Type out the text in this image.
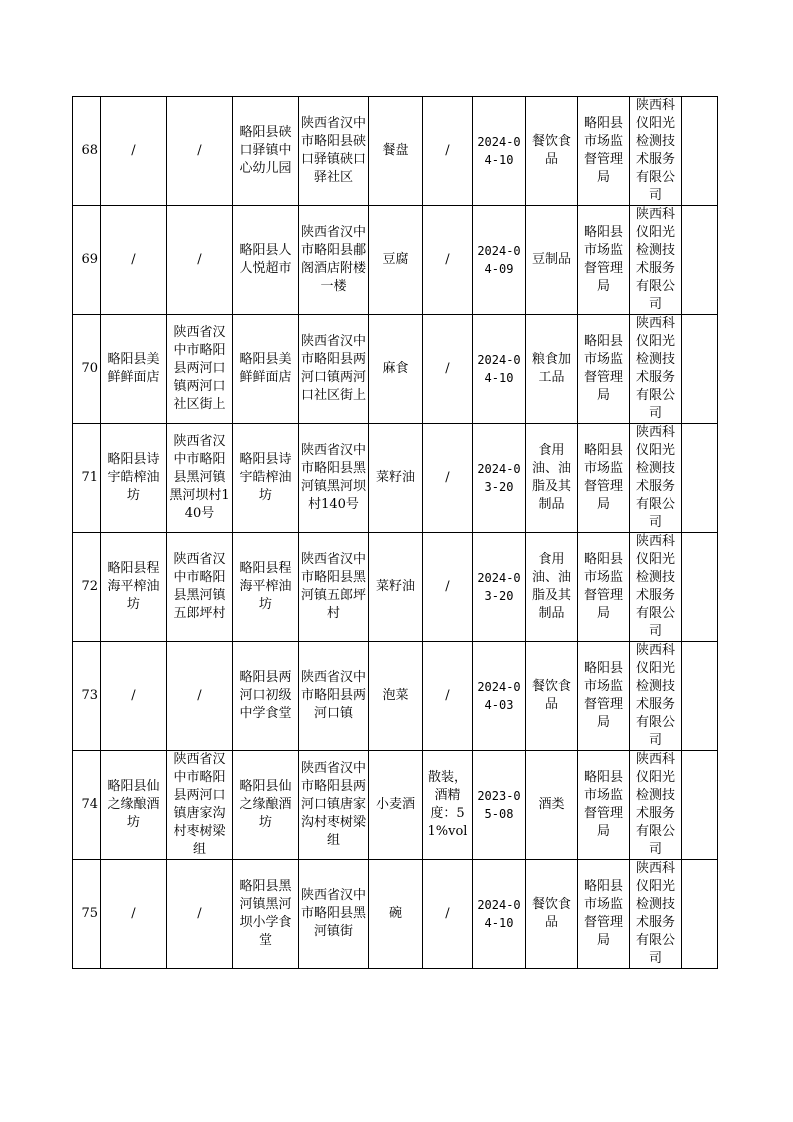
68	/	/	略阳县硖口驿镇中心幼儿园	陕西省汉中市略阳县硖口驿镇硖口驿社区	餐盘	/	2024-04-10	餐饮食品	略阳县市场监督管理局	陕西科仪阳光检测技术服务有限公司	
69	/	/	略阳县人人悦超市	陕西省汉中市略阳县郙阁酒店附楼一楼	豆腐	/	2024-04-09	豆制品	略阳县市场监督管理局	陕西科仪阳光检测技术服务有限公司	
70	略阳县美鲜鲜面店	陕西省汉中市略阳县两河口镇两河口社区街上	略阳县美鲜鲜面店	陕西省汉中市略阳县两河口镇两河口社区街上	麻食	/	2024-04-10	粮食加工品	略阳县市场监督管理局	陕西科仪阳光检测技术服务有限公司	
71	略阳县诗宇皓榨油坊	陕西省汉中市略阳县黑河镇黑河坝村140号	略阳县诗宇皓榨油坊	陕西省汉中市略阳县黑河镇黑河坝村140号	菜籽油	/	2024-03-20	食用油、油脂及其制品	略阳县市场监督管理局	陕西科仪阳光检测技术服务有限公司	
72	略阳县程海平榨油坊	陕西省汉中市略阳县黑河镇五郎坪村	略阳县程海平榨油坊	陕西省汉中市略阳县黑河镇五郎坪村	菜籽油	/	2024-03-20	食用油、油脂及其制品	略阳县市场监督管理局	陕西科仪阳光检测技术服务有限公司	
73	/	/	略阳县两河口初级中学食堂	陕西省汉中市略阳县两河口镇	泡菜	/	2024-04-03	餐饮食品	略阳县市场监督管理局	陕西科仪阳光检测技术服务有限公司	
74	略阳县仙之缘酿酒坊	陕西省汉中市略阳县两河口镇唐家沟村枣树梁组	略阳县仙之缘酿酒坊	陕西省汉中市略阳县两河口镇唐家沟村枣树梁组	小麦酒	散装，酒精度：51%vol	2023-05-08	酒类	略阳县市场监督管理局	陕西科仪阳光检测技术服务有限公司	
75	/	/	略阳县黑河镇黑河坝小学食堂	陕西省汉中市略阳县黑河镇街	碗	/	2024-04-10	餐饮食品	略阳县市场监督管理局	陕西科仪阳光检测技术服务有限公司	
